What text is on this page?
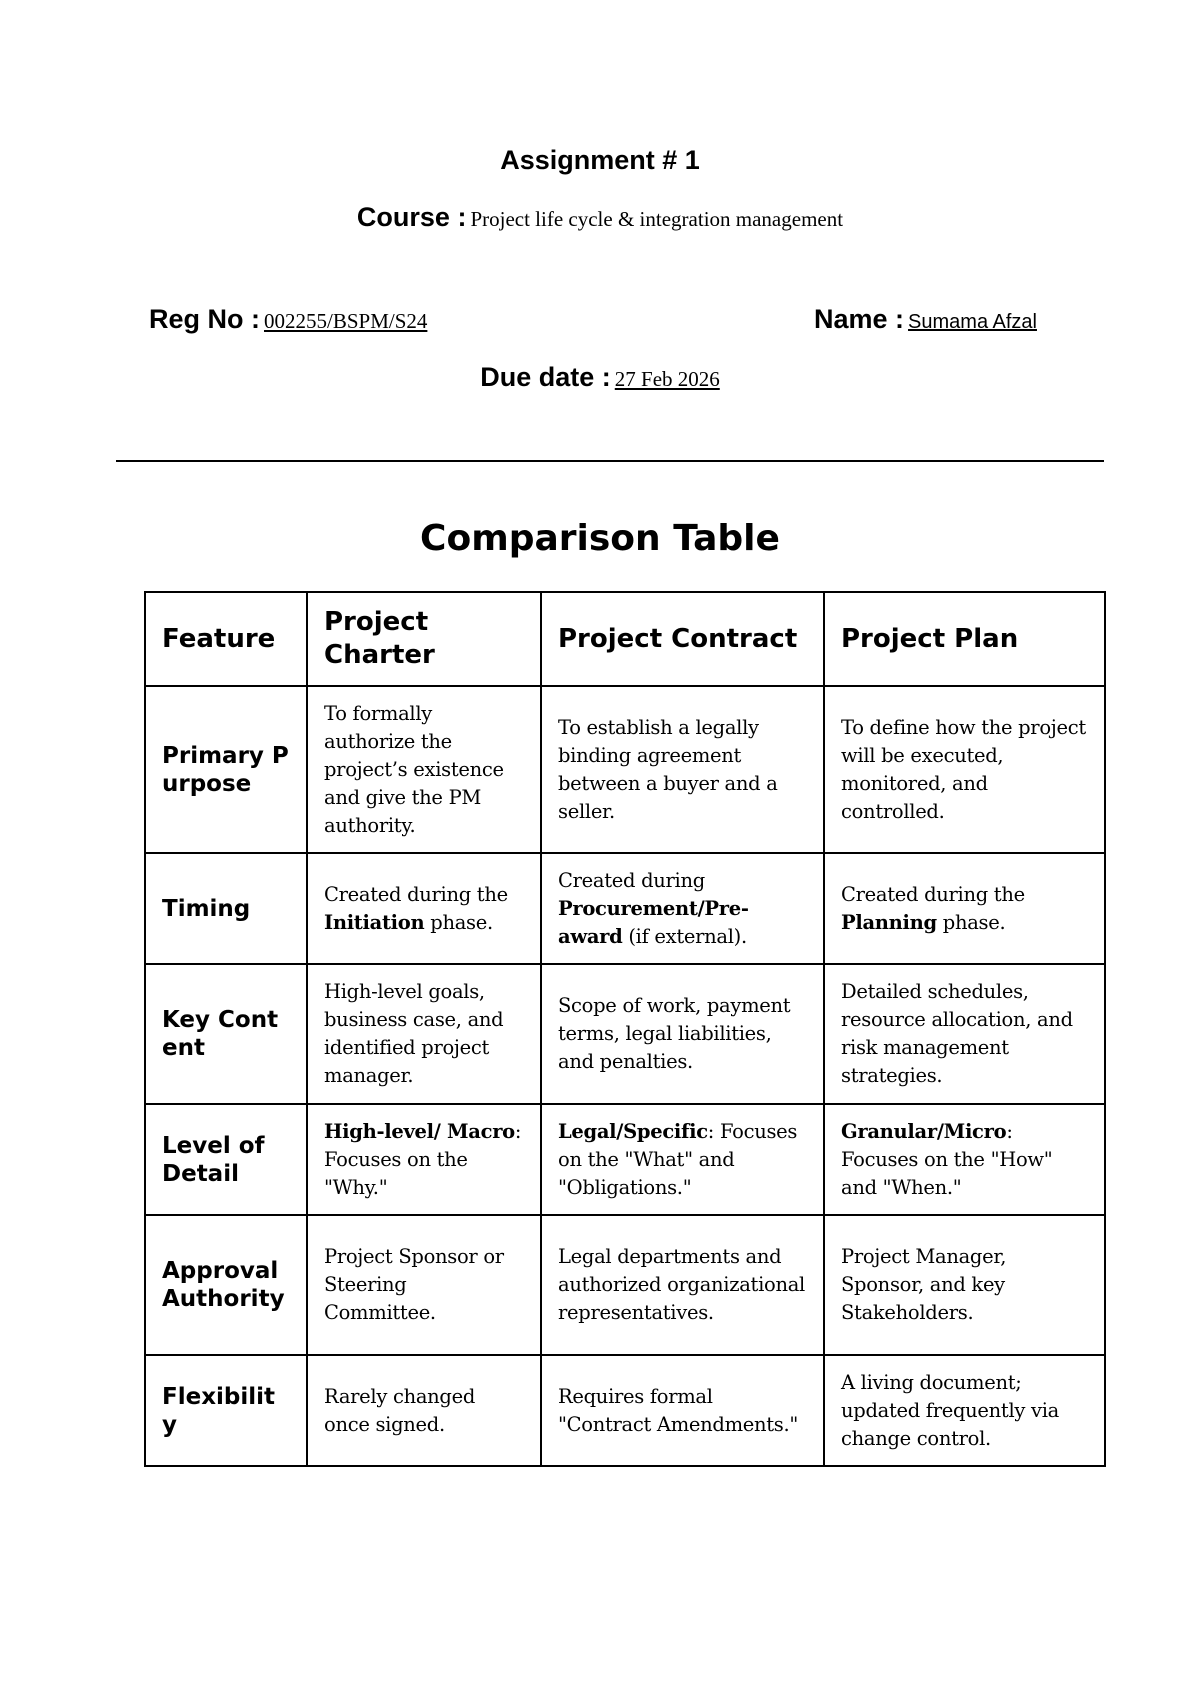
Assignment # 1
Course : Project life cycle & integration management
Reg No : 002255/BSPM/S24	Name : Sumama Afzal
Due date : 27 Feb 2026
Comparison Table
Feature	Project Charter	Project Contract	Project Plan
Primary Purpose	To formally authorize the project’s existence and give the PM authority.	To establish a legally binding agreement between a buyer and a seller.	To define how the project will be executed, monitored, and controlled.
Timing	Created during the Initiation phase.	Created during Procurement/Pre-award (if external).	Created during the Planning phase.
Key Content	High-level goals, business case, and identified project manager.	Scope of work, payment terms, legal liabilities, and penalties.	Detailed schedules, resource allocation, and risk management strategies.
Level of Detail	High-level/ Macro: Focuses on the "Why."	Legal/Specific: Focuses on the "What" and "Obligations."	Granular/Micro: Focuses on the "How" and "When."
Approval Authority	Project Sponsor or Steering Committee.	Legal departments and authorized organizational representatives.	Project Manager, Sponsor, and key Stakeholders.
Flexibility	Rarely changed once signed.	Requires formal "Contract Amendments."	A living document; updated frequently via change control.
